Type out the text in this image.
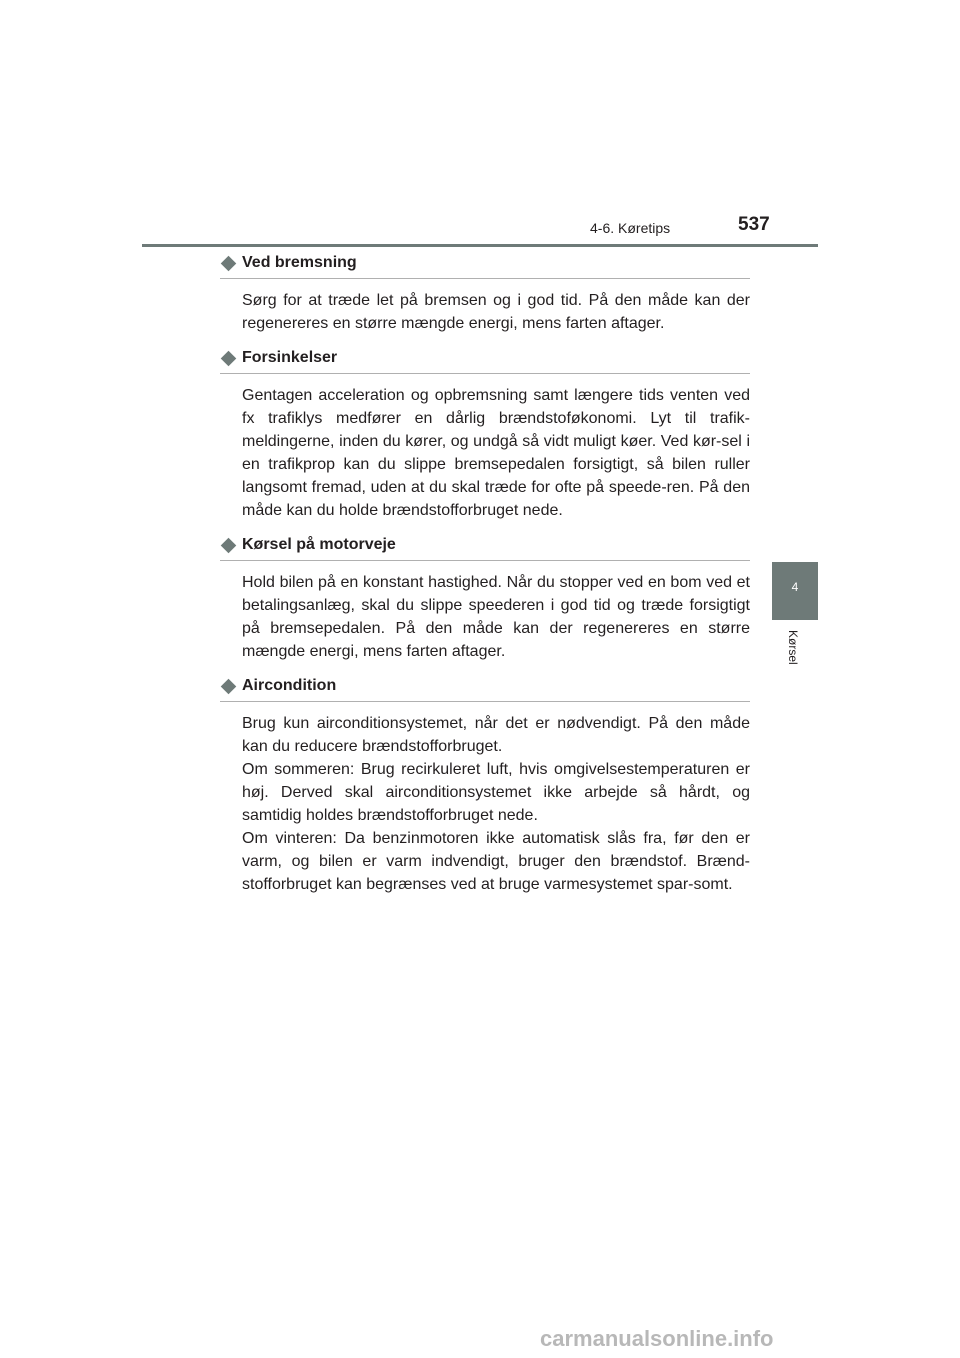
4-6. Køretips	537
4
Kørsel
Ved bremsning

Sørg for at træde let på bremsen og i god tid. På den måde kan der regenereres en større mængde energi, mens farten aftager.

Forsinkelser

Gentagen acceleration og opbremsning samt længere tids venten ved fx trafiklys medfører en dårlig brændstoføkonomi. Lyt til trafik-meldingerne, inden du kører, og undgå så vidt muligt køer. Ved kør-sel i en trafikprop kan du slippe bremsepedalen forsigtigt, så bilen ruller langsomt fremad, uden at du skal træde for ofte på speede-ren. På den måde kan du holde brændstofforbruget nede.

Kørsel på motorveje

Hold bilen på en konstant hastighed. Når du stopper ved en bom ved et betalingsanlæg, skal du slippe speederen i god tid og træde forsigtigt på bremsepedalen. På den måde kan der regenereres en større mængde energi, mens farten aftager.

Aircondition

Brug kun airconditionsystemet, når det er nødvendigt. På den måde kan du reducere brændstofforbruget.

Om sommeren: Brug recirkuleret luft, hvis omgivelsestemperaturen er høj. Derved skal airconditionsystemet ikke arbejde så hårdt, og samtidig holdes brændstofforbruget nede.

Om vinteren: Da benzinmotoren ikke automatisk slås fra, før den er varm, og bilen er varm indvendigt, bruger den brændstof. Brænd-stofforbruget kan begrænses ved at bruge varmesystemet spar-somt.

carmanualsonline.info
